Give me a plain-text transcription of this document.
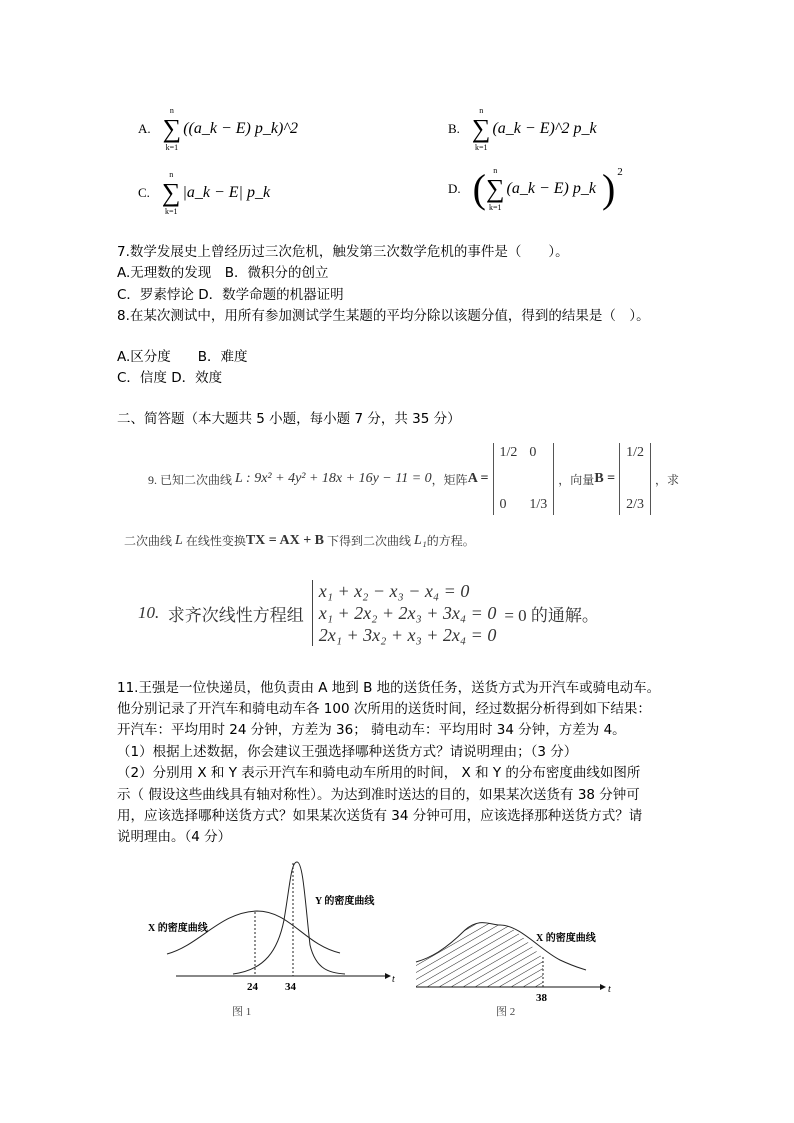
A.
n
∑
k=1
((a_k − E) p_k)^2	B.
n
∑
k=1
(a_k − E)^2 p_k
C.
n
∑
k=1
|a_k − E| p_k	D. ( n
∑
k=1
(a_k − E) p_k ) 2
7.数学发展史上曾经历过三次危机，触发第三次数学危机的事件是（　　）。
A.无理数的发现　B．微积分的创立
C．罗素悖论 D．数学命题的机器证明
8.在某次测试中，用所有参加测试学生某题的平均分除以该题分值，得到的结果是（　）。
A.区分度　　B．难度
C．信度 D．效度
二、简答题（本大题共 5 小题，每小题 7 分，共 35 分）
9. 已知二次曲线
L : 9x² + 4y² + 18x + 16y − 11 = 0 ，矩阵 A =
1/2 0
0	1/3
，向量 B =
1/2
2/3
，求
二次曲线
L
在线性变换 TX = AX + B
下得到二次曲线
L₁ 的方程。
10.
求齐次线性方程组
x₁ + x₂ − x₃ − x₄ = 0
x₁ + 2x₂ + 2x₃ + 3x₄ = 0
2x₁ + 3x₂ + x₃ + 2x₄ = 0
= 0 的通解。
11.王强是一位快递员，他负责由 A 地到 B 地的送货任务，送货方式为开汽车或骑电动车。
他分别记录了开汽车和骑电动车各 100 次所用的送货时间，经过数据分析得到如下结果：
开汽车：平均用时 24 分钟，方差为 36； 骑电动车：平均用时 34 分钟，方差为 4。
（1）根据上述数据，你会建议王强选择哪种送货方式？请说明理由；（3 分）
（2）分别用 X 和 Y 表示开汽车和骑电动车所用的时间， X 和 Y 的分布密度曲线如图所
示（ 假设这些曲线具有轴对称性）。为达到准时送达的目的，如果某次送货有 38 分钟可
用，应该选择哪种送货方式？如果某次送货有 34 分钟可用，应该选择那种送货方式？请
说明理由。（4 分）
X 的密度曲线
Y 的密度曲线
24 34
t
图 1
X 的密度曲线
38
t
图 2
